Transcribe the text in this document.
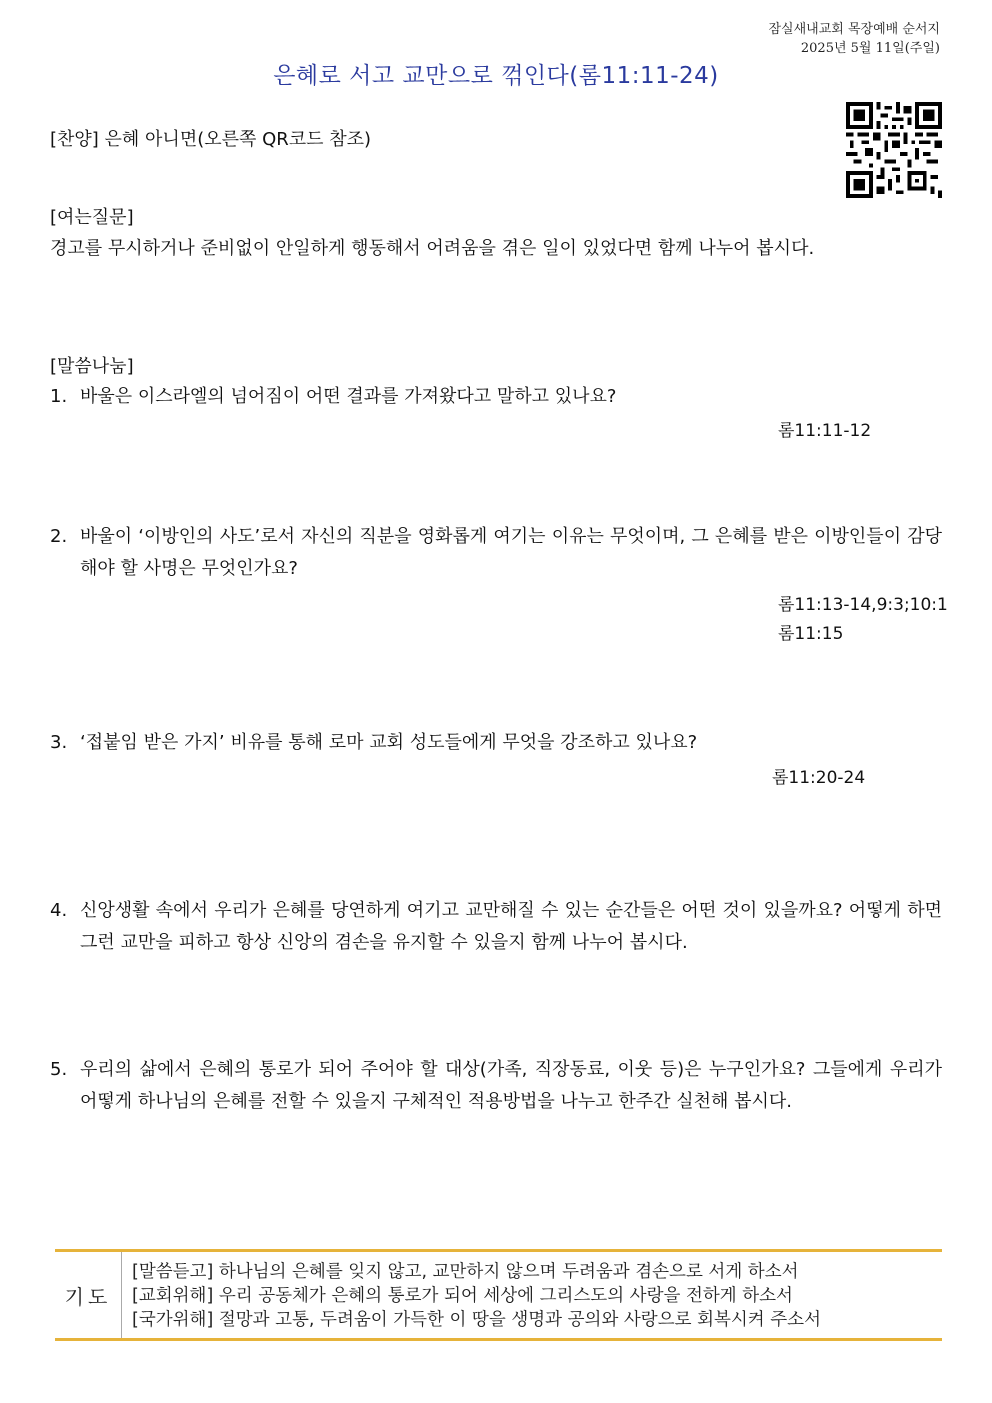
잠실새내교회 목장예배 순서지
2025년 5월 11일(주일)
은혜로 서고 교만으로 꺾인다(롬11:11-24)
[찬양] 은혜 아니면(오른쪽 QR코드 참조)
[여는질문]
경고를 무시하거나 준비없이 안일하게 행동해서 어려움을 겪은 일이 있었다면 함께 나누어 봅시다.
[말씀나눔]
1. 바울은 이스라엘의 넘어짐이 어떤 결과를 가져왔다고 말하고 있나요?
롬11:11-12
2. 바울이 ‘이방인의 사도’로서 자신의 직분을 영화롭게 여기는 이유는 무엇이며, 그 은혜를 받은 이방인들이 감당해야 할 사명은 무엇인가요?
롬11:13-14,9:3;10:1
롬11:15
3. ‘접붙임 받은 가지’ 비유를 통해 로마 교회 성도들에게 무엇을 강조하고 있나요?
롬11:20-24
4. 신앙생활 속에서 우리가 은혜를 당연하게 여기고 교만해질 수 있는 순간들은 어떤 것이 있을까요? 어떻게 하면 그런 교만을 피하고 항상 신앙의 겸손을 유지할 수 있을지 함께 나누어 봅시다.
5. 우리의 삶에서 은혜의 통로가 되어 주어야 할 대상(가족, 직장동료, 이웃 등)은 누구인가요? 그들에게 우리가 어떻게 하나님의 은혜를 전할 수 있을지 구체적인 적용방법을 나누고 한주간 실천해 봅시다.
기도	
[말씀듣고] 하나님의 은혜를 잊지 않고, 교만하지 않으며 두려움과 겸손으로 서게 하소서
[교회위해] 우리 공동체가 은혜의 통로가 되어 세상에 그리스도의 사랑을 전하게 하소서
[국가위해] 절망과 고통, 두려움이 가득한 이 땅을 생명과 공의와 사랑으로 회복시켜 주소서
